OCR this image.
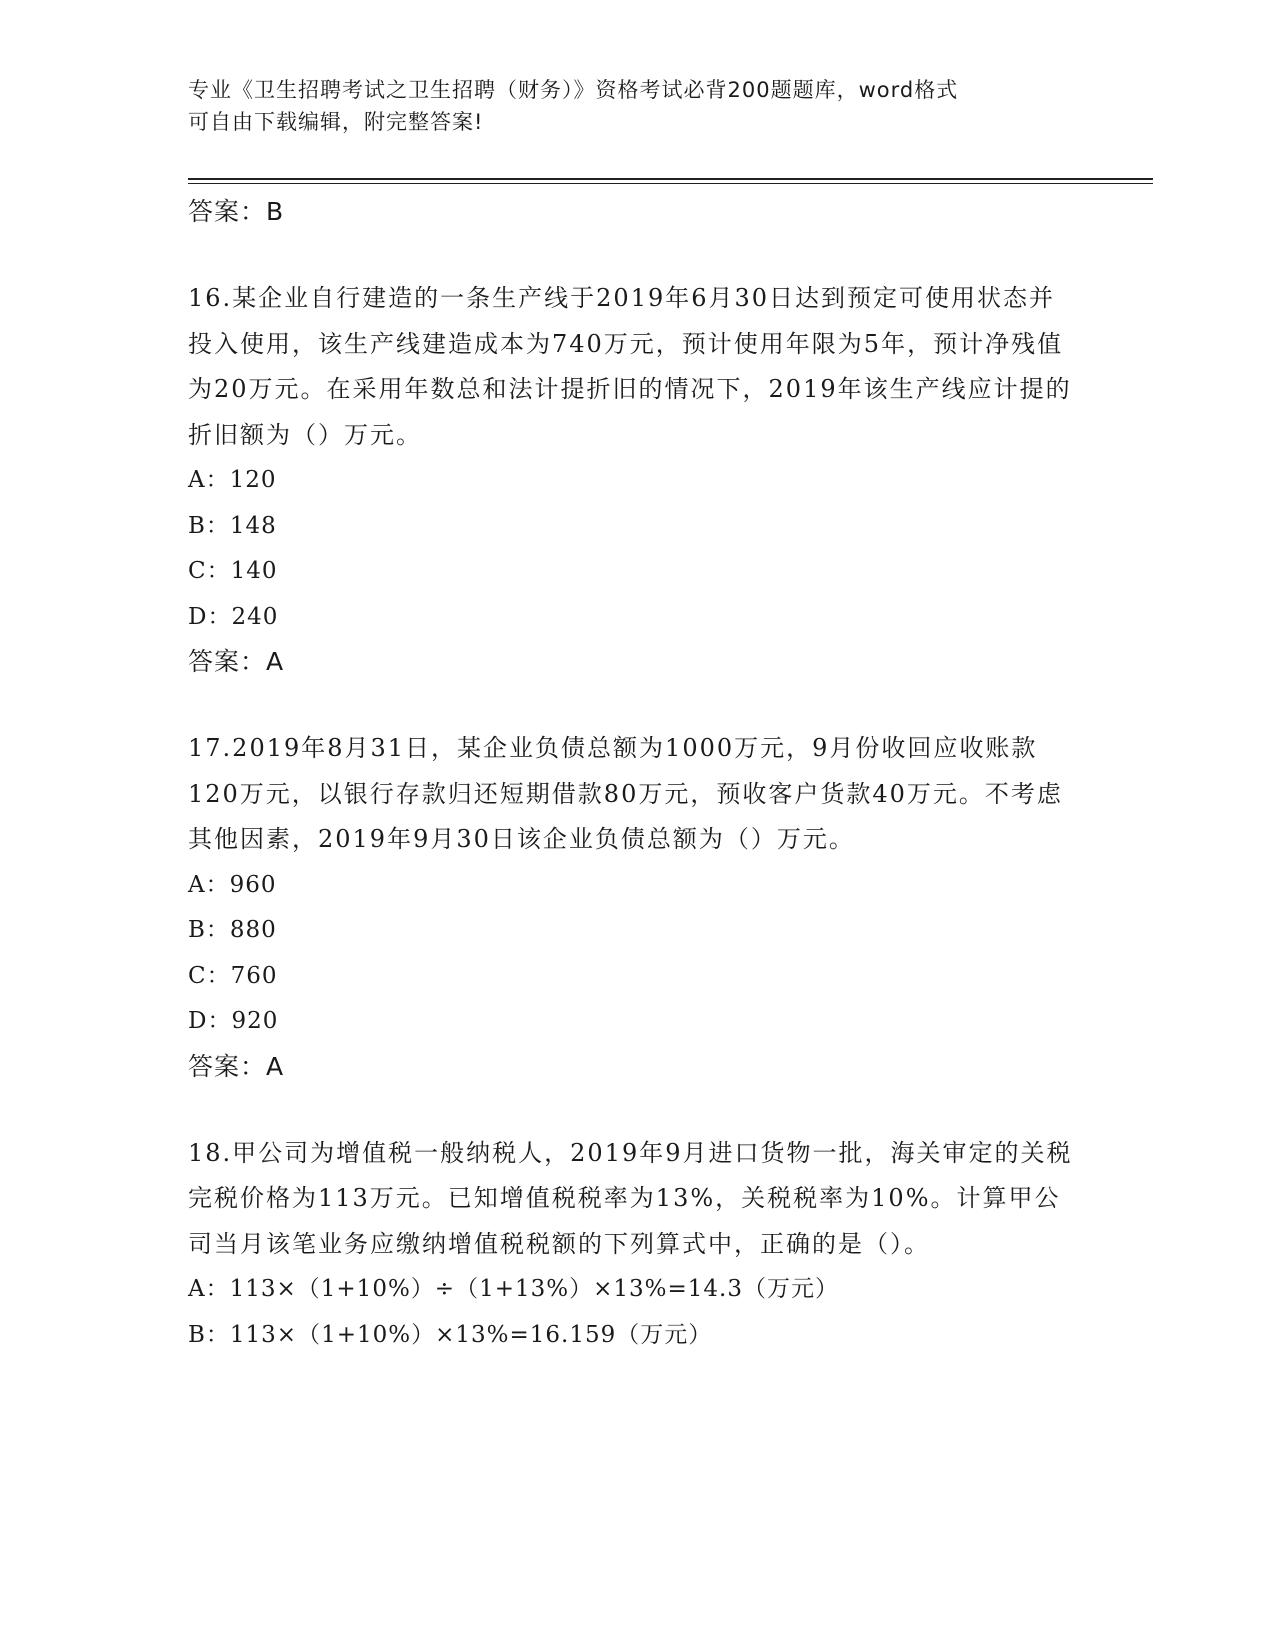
专业《卫生招聘考试之卫生招聘（财务）》资格考试必背200题题库，word格式
可自由下载编辑，附完整答案!
答案：B
16.某企业自行建造的一条生产线于2019年6月30日达到预定可使用状态并投入使用，该生产线建造成本为740万元，预计使用年限为5年，预计净残值为20万元。在采用年数总和法计提折旧的情况下，2019年该生产线应计提的折旧额为（）万元。
A：120
B：148
C：140
D：240
答案：A
17.2019年8月31日，某企业负债总额为1000万元，9月份收回应收账款120万元，以银行存款归还短期借款80万元，预收客户货款40万元。不考虑其他因素，2019年9月30日该企业负债总额为（）万元。
A：960
B：880
C：760
D：920
答案：A
18.甲公司为增值税一般纳税人，2019年9月进口货物一批，海关审定的关税完税价格为113万元。已知增值税税率为13%，关税税率为10%。计算甲公司当月该笔业务应缴纳增值税税额的下列算式中，正确的是（）。
A：113×（1+10%）÷（1+13%）×13%=14.3（万元）
B：113×（1+10%）×13%=16.159（万元）
